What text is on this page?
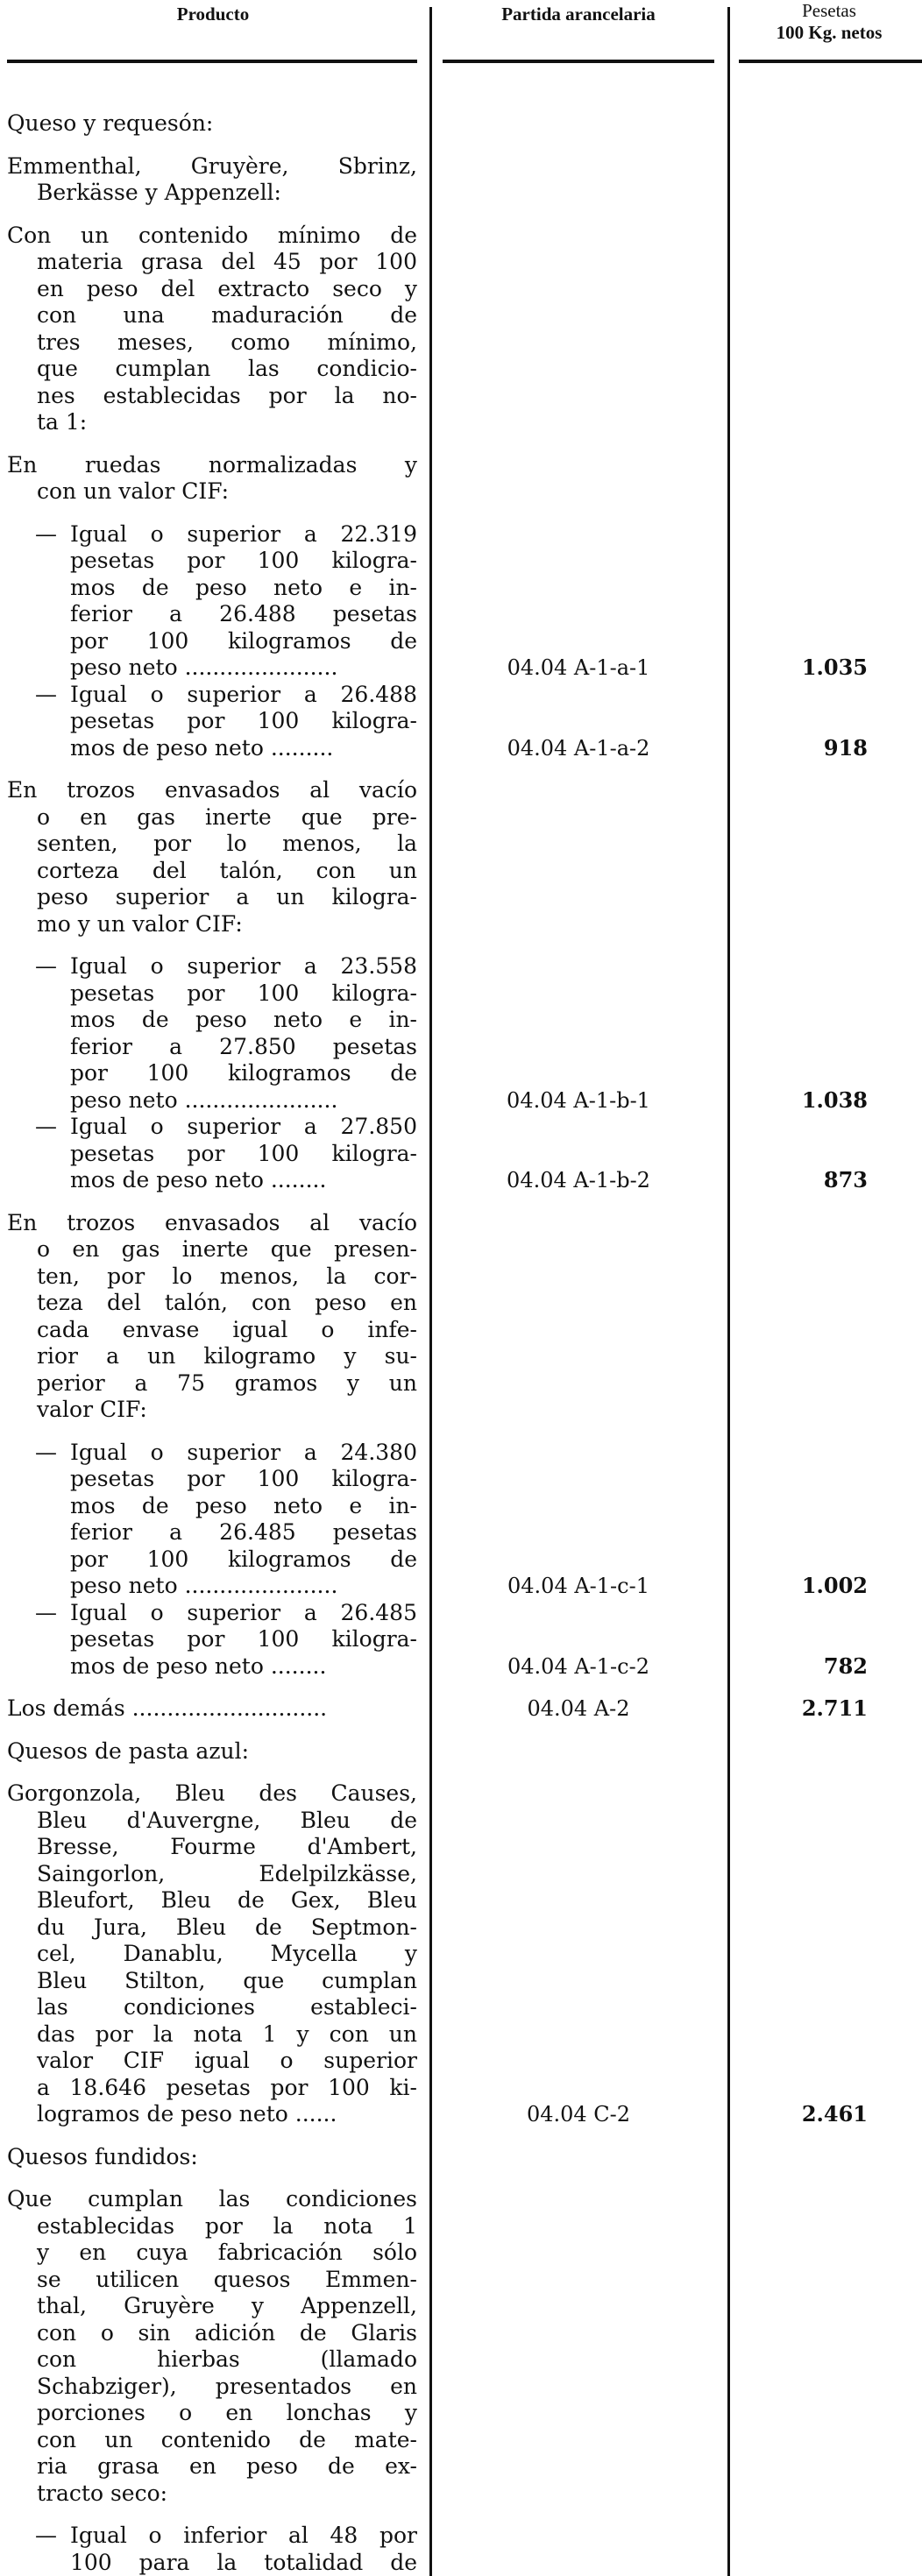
Producto	Partida arancelaria	Pesetas
100 Kg. netos
Queso y requesón:
Emmenthal, Gruyère, Sbrinz,
Berkässe y Appenzell:
Con un contenido mínimo de
materia grasa del 45 por 100
en peso del extracto seco y
con una maduración de
tres meses, como mínimo,
que cumplan las condicio-
nes establecidas por la no-
ta 1:
En ruedas normalizadas y
con un valor CIF:
— Igual o superior a 22.319
pesetas por 100 kilogra-
mos de peso neto e in-
ferior a 26.488 pesetas
por 100 kilogramos de
peso neto ......................	04.04 A-1-a-1	1.035
— Igual o superior a 26.488
pesetas por 100 kilogra-
mos de peso neto .........	04.04 A-1-a-2	918
En trozos envasados al vacío
o en gas inerte que pre-
senten, por lo menos, la
corteza del talón, con un
peso superior a un kilogra-
mo y un valor CIF:
— Igual o superior a 23.558
pesetas por 100 kilogra-
mos de peso neto e in-
ferior a 27.850 pesetas
por 100 kilogramos de
peso neto ......................	04.04 A-1-b-1	1.038
— Igual o superior a 27.850
pesetas por 100 kilogra-
mos de peso neto ........	04.04 A-1-b-2	873
En trozos envasados al vacío
o en gas inerte que presen-
ten, por lo menos, la cor-
teza del talón, con peso en
cada envase igual o infe-
rior a un kilogramo y su-
perior a 75 gramos y un
valor CIF:
— Igual o superior a 24.380
pesetas por 100 kilogra-
mos de peso neto e in-
ferior a 26.485 pesetas
por 100 kilogramos de
peso neto ......................	04.04 A-1-c-1	1.002
— Igual o superior a 26.485
pesetas por 100 kilogra-
mos de peso neto ........	04.04 A-1-c-2	782
Los demás ............................	04.04 A-2	2.711
Quesos de pasta azul:
Gorgonzola, Bleu des Causes,
Bleu d'Auvergne, Bleu de
Bresse, Fourme d'Ambert,
Saingorlon, Edelpilzkässe,
Bleufort, Bleu de Gex, Bleu
du Jura, Bleu de Septmon-
cel, Danablu, Mycella y
Bleu Stilton, que cumplan
las condiciones estableci-
das por la nota 1 y con un
valor CIF igual o superior
a 18.646 pesetas por 100 ki-
logramos de peso neto ......	04.04 C-2	2.461
Quesos fundidos:
Que cumplan las condiciones
establecidas por la nota 1
y en cuya fabricación sólo
se utilicen quesos Emmen-
thal, Gruyère y Appenzell,
con o sin adición de Glaris
con hierbas (llamado
Schabziger), presentados en
porciones o en lonchas y
con un contenido de mate-
ria grasa en peso de ex-
tracto seco:
— Igual o inferior al 48 por
100 para la totalidad de
